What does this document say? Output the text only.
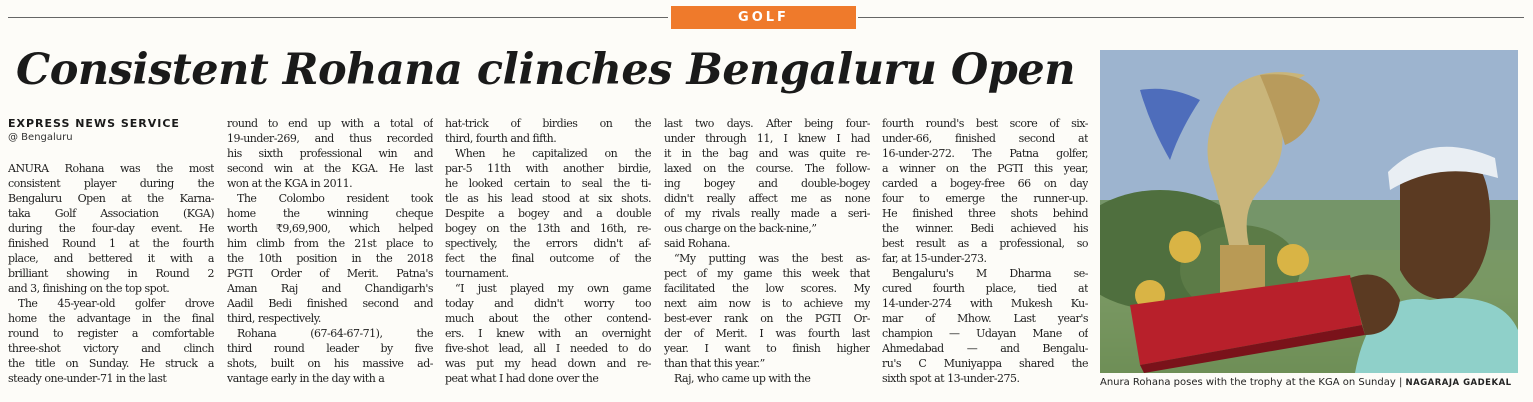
GOLF
Consistent Rohana clinches Bengaluru Open
EXPRESS NEWS SERVICE
@ Bengaluru
ANURA Rohana was the most
consistent player during the
Bengaluru Open at the Karna-
taka Golf Association (KGA)
during the four-day event. He
finished Round 1 at the fourth
place, and bettered it with a
brilliant showing in Round 2
and 3, finishing on the top spot.
The 45-year-old golfer drove
home the advantage in the final
round to register a comfortable
three-shot victory and clinch
the title on Sunday. He struck a
steady one-under-71 in the last
round to end up with a total of
19-under-269, and thus recorded
his sixth professional win and
second win at the KGA. He last
won at the KGA in 2011.
The Colombo resident took
home the winning cheque
worth ₹9,69,900, which helped
him climb from the 21st place to
the 10th position in the 2018
PGTI Order of Merit. Patna's
Aman Raj and Chandigarh's
Aadil Bedi finished second and
third, respectively.
Rohana (67-64-67-71), the
third round leader by five
shots, built on his massive ad-
vantage early in the day with a
hat-trick of birdies on the
third, fourth and fifth.
When he capitalized on the
par-5 11th with another birdie,
he looked certain to seal the ti-
tle as his lead stood at six shots.
Despite a bogey and a double
bogey on the 13th and 16th, re-
spectively, the errors didn't af-
fect the final outcome of the
tournament.
“I just played my own game
today and didn't worry too
much about the other contend-
ers. I knew with an overnight
five-shot lead, all I needed to do
was put my head down and re-
peat what I had done over the
last two days. After being four-
under through 11, I knew I had
it in the bag and was quite re-
laxed on the course. The follow-
ing bogey and double-bogey
didn't really affect me as none
of my rivals really made a seri-
ous charge on the back-nine,”
said Rohana.
“My putting was the best as-
pect of my game this week that
facilitated the low scores. My
next aim now is to achieve my
best-ever rank on the PGTI Or-
der of Merit. I was fourth last
year. I want to finish higher
than that this year.”
Raj, who came up with the
fourth round's best score of six-
under-66, finished second at
16-under-272. The Patna golfer,
a winner on the PGTI this year,
carded a bogey-free 66 on day
four to emerge the runner-up.
He finished three shots behind
the winner. Bedi achieved his
best result as a professional, so
far, at 15-under-273.
Bengaluru's M Dharma se-
cured fourth place, tied at
14-under-274 with Mukesh Ku-
mar of Mhow. Last year's
champion — Udayan Mane of
Ahmedabad — and Bengalu-
ru's C Muniyappa shared the
sixth spot at 13-under-275.	Anura Rohana poses with the trophy at the KGA on Sunday | NAGARAJA GADEKAL
